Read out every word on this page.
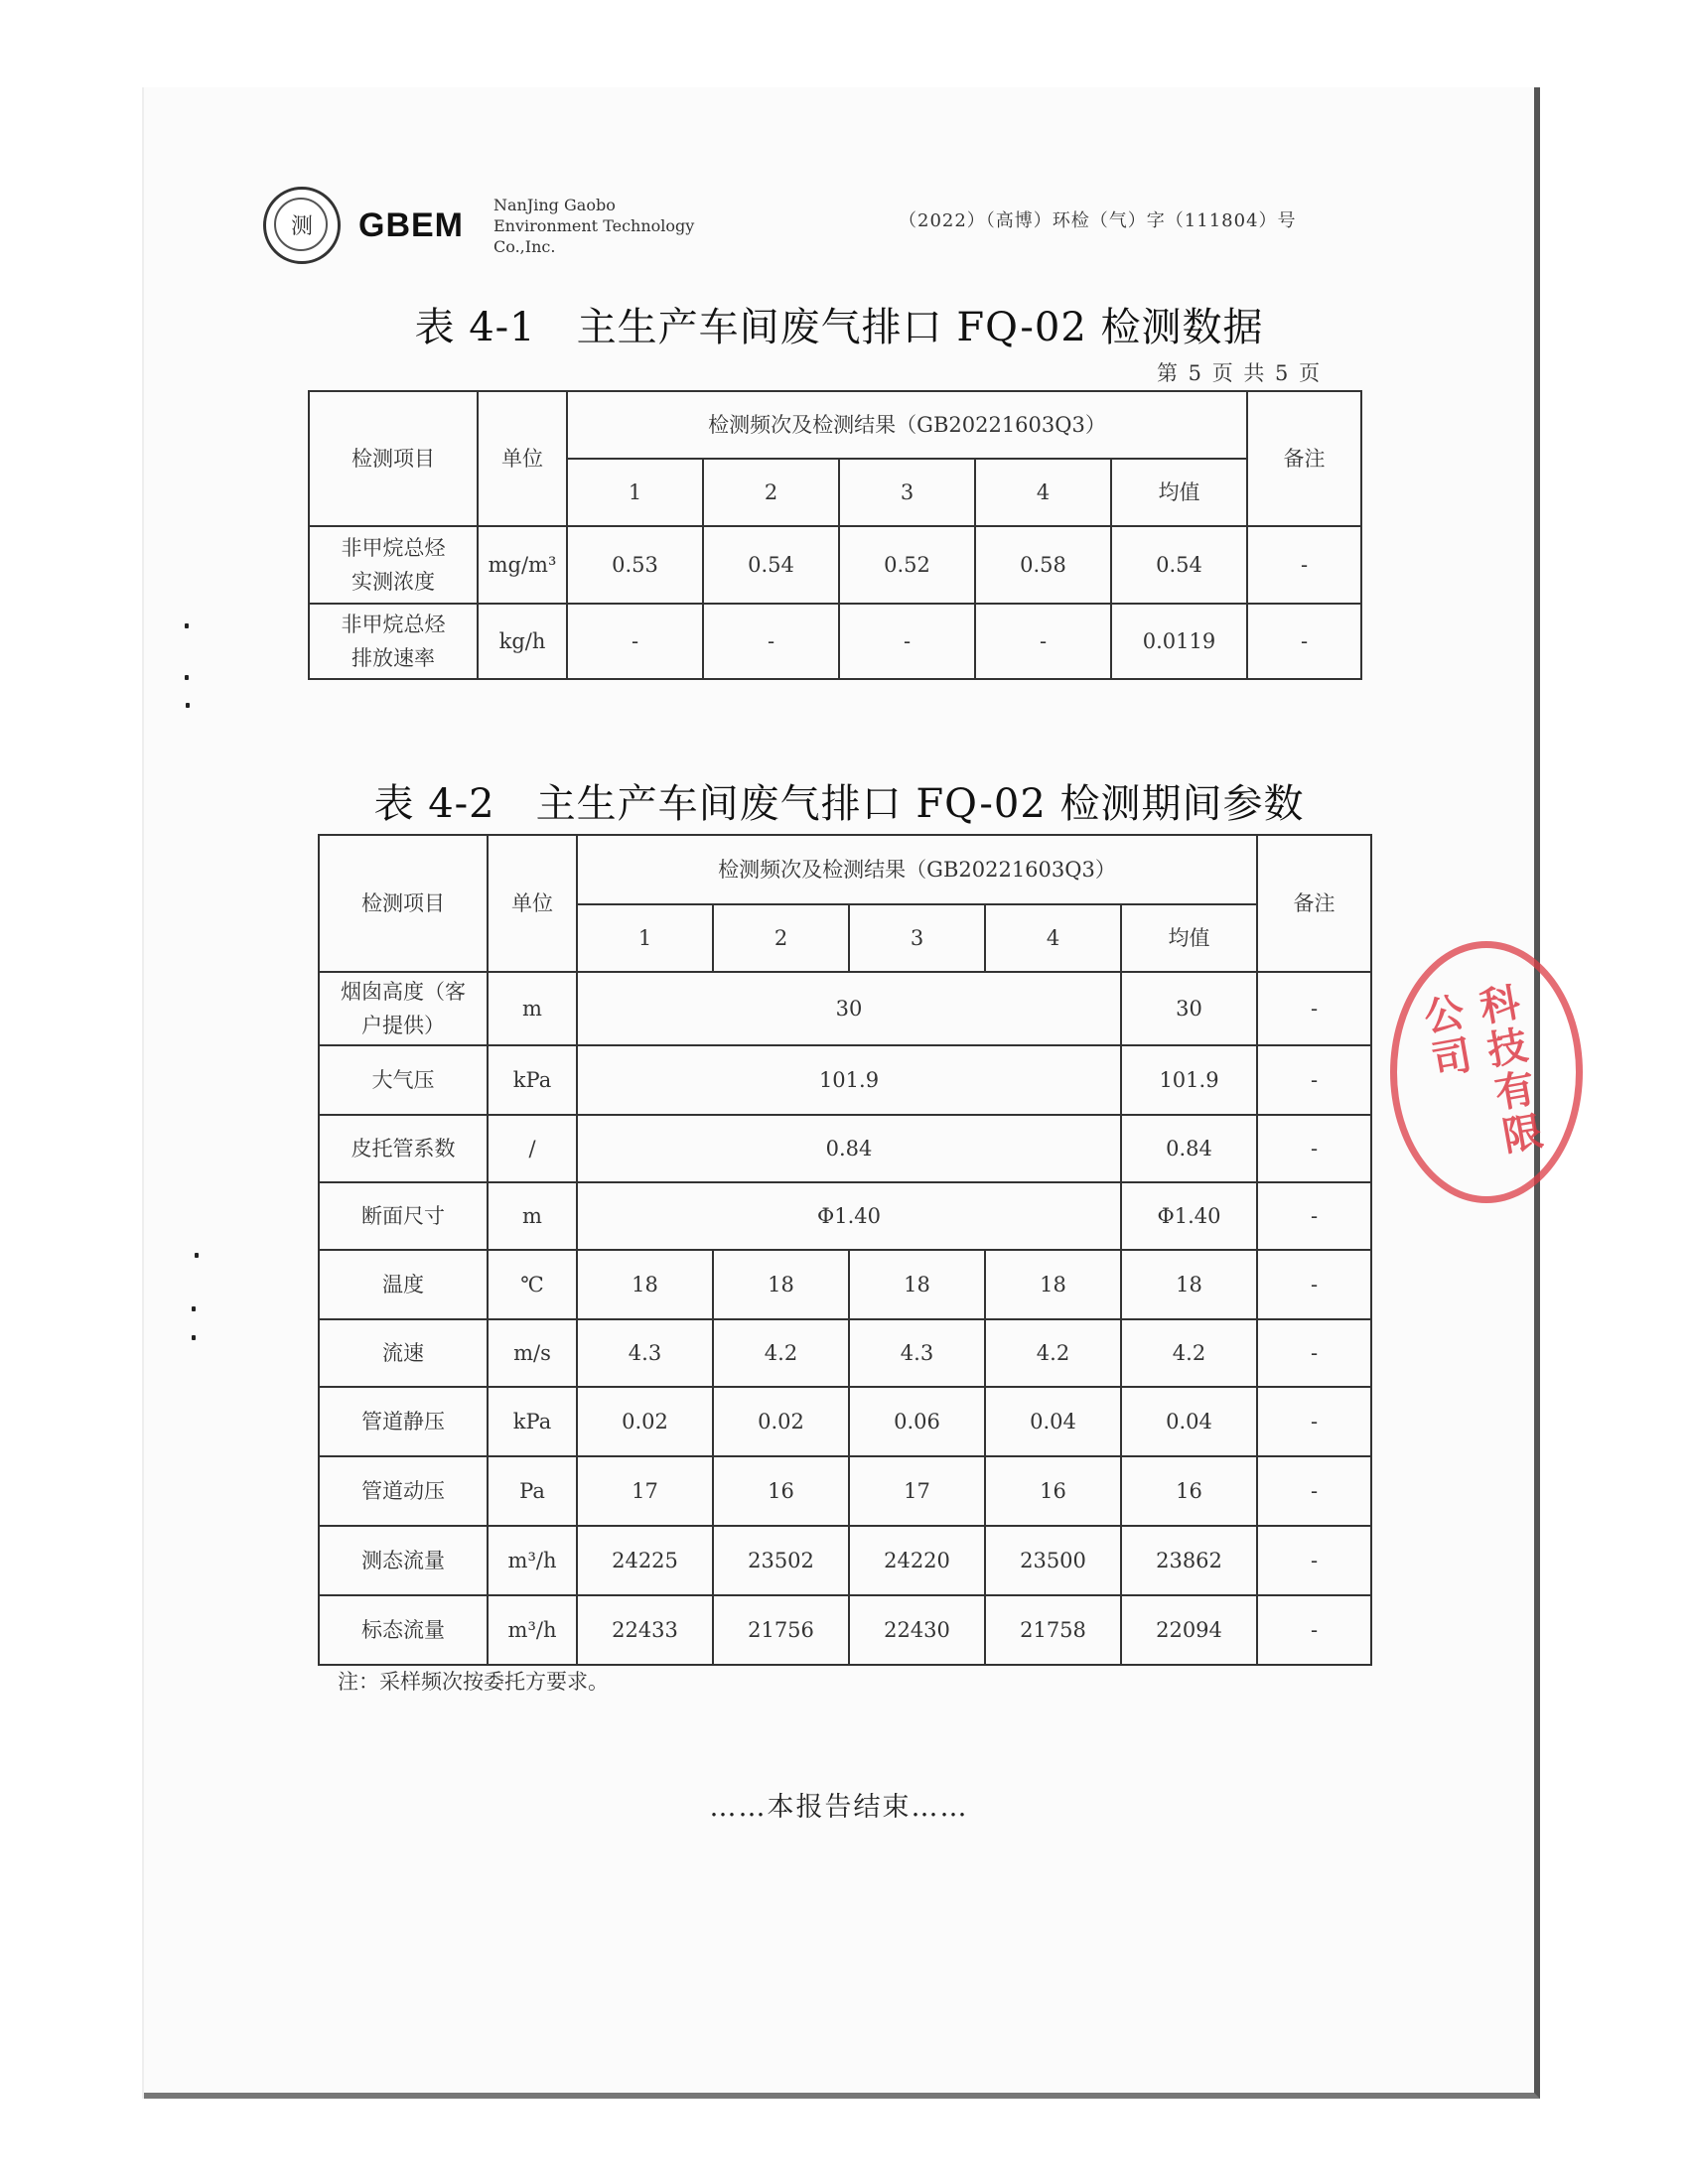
测	GBEM
NanJing Gaobo
Environment Technology
Co.,Inc.
（2022）（高博）环检（气）字（111804）号
表 4-1　主生产车间废气排口 FQ-02 检测数据
第 5 页 共 5 页
检测项目	单位	检测频次及检测结果（GB20221603Q3）					备注
		1	2	3	4	均值	
非甲烷总烃实测浓度	mg/m³	0.53	0.54	0.52	0.58	0.54	-
非甲烷总烃排放速率	kg/h	-	-	-	-	0.0119	-
表 4-2　主生产车间废气排口 FQ-02 检测期间参数
检测项目	单位	检测频次及检测结果（GB20221603Q3）					备注
		1	2	3	4	均值	
烟囱高度（客户提供）	m	30				30	-
大气压	kPa	101.9				101.9	-
皮托管系数	/	0.84				0.84	-
断面尺寸	m	Φ1.40				Φ1.40	-
温度	℃	18	18	18	18	18	-
流速	m/s	4.3	4.2	4.3	4.2	4.2	-
管道静压	kPa	0.02	0.02	0.06	0.04	0.04	-
管道动压	Pa	17	16	17	16	16	-
测态流量	m³/h	24225	23502	24220	23500	23862	-
标态流量	m³/h	22433	21756	22430	21758	22094	-
注：采样频次按委托方要求。
……本报告结束……
科技有限公司
